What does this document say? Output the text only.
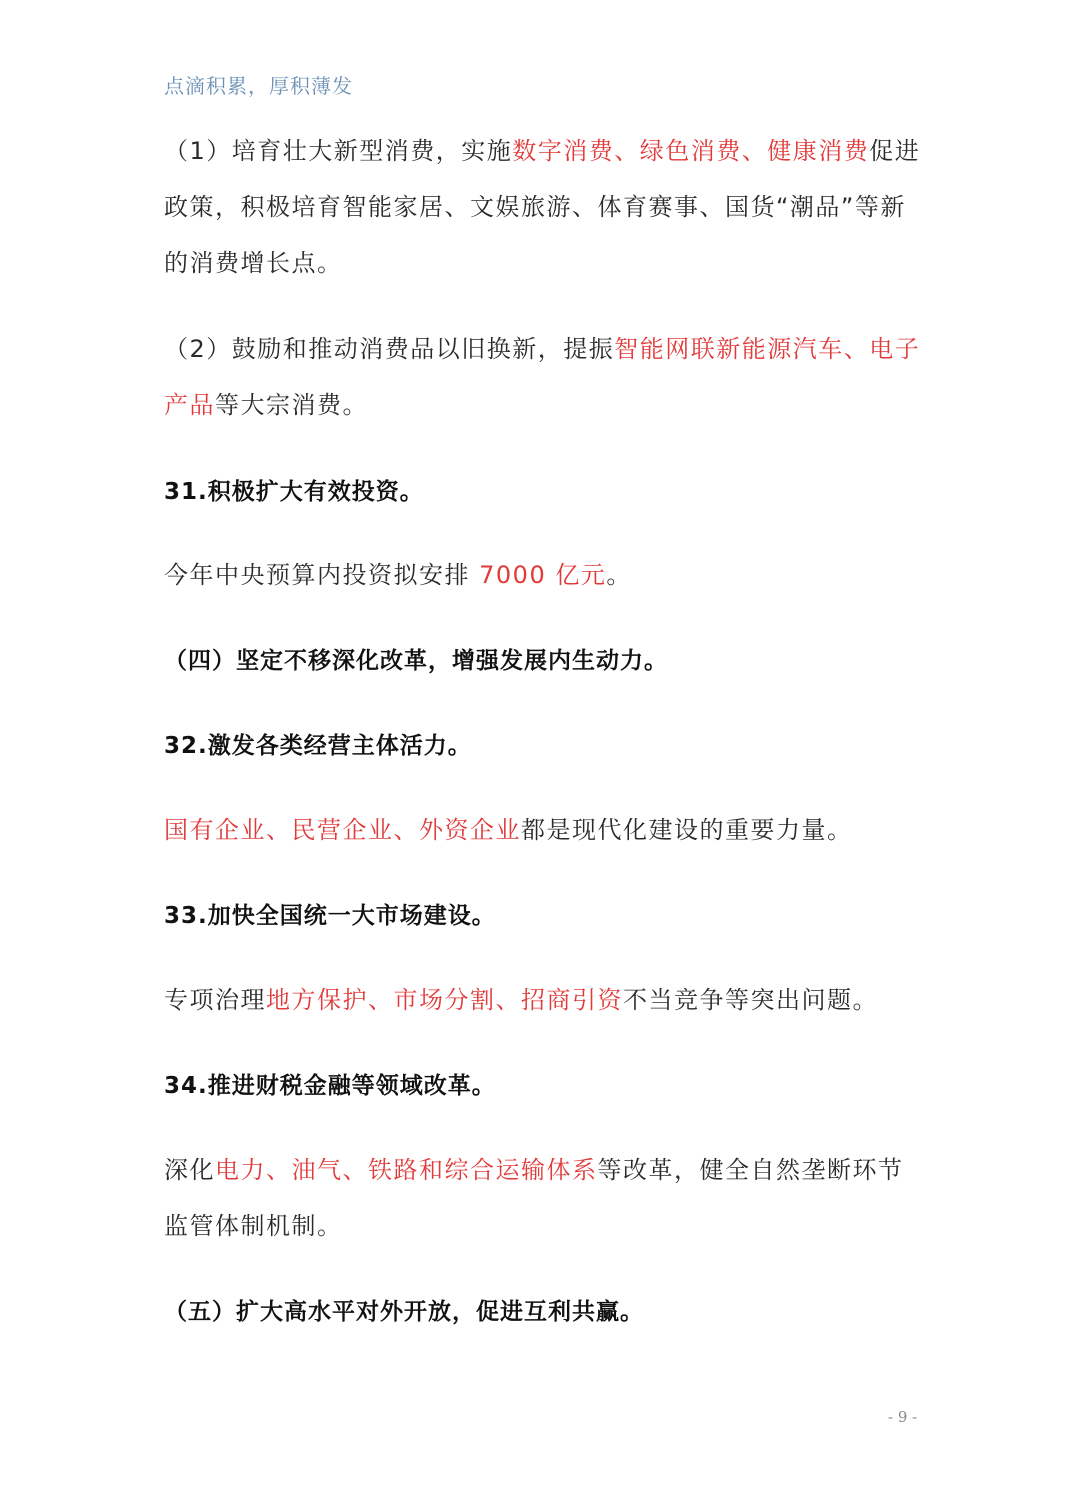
点滴积累，厚积薄发
（1）培育壮大新型消费，实施数字消费、绿色消费、健康消费促进政策，积极培育智能家居、文娱旅游、体育赛事、国货“潮品”等新的消费增长点。
（2）鼓励和推动消费品以旧换新，提振智能网联新能源汽车、电子产品等大宗消费。
31.积极扩大有效投资。
今年中央预算内投资拟安排 7000 亿元。
（四）坚定不移深化改革，增强发展内生动力。
32.激发各类经营主体活力。
国有企业、民营企业、外资企业都是现代化建设的重要力量。
33.加快全国统一大市场建设。
专项治理地方保护、市场分割、招商引资不当竞争等突出问题。
34.推进财税金融等领域改革。
深化电力、油气、铁路和综合运输体系等改革，健全自然垄断环节监管体制机制。
（五）扩大高水平对外开放，促进互利共赢。
- 9 -
